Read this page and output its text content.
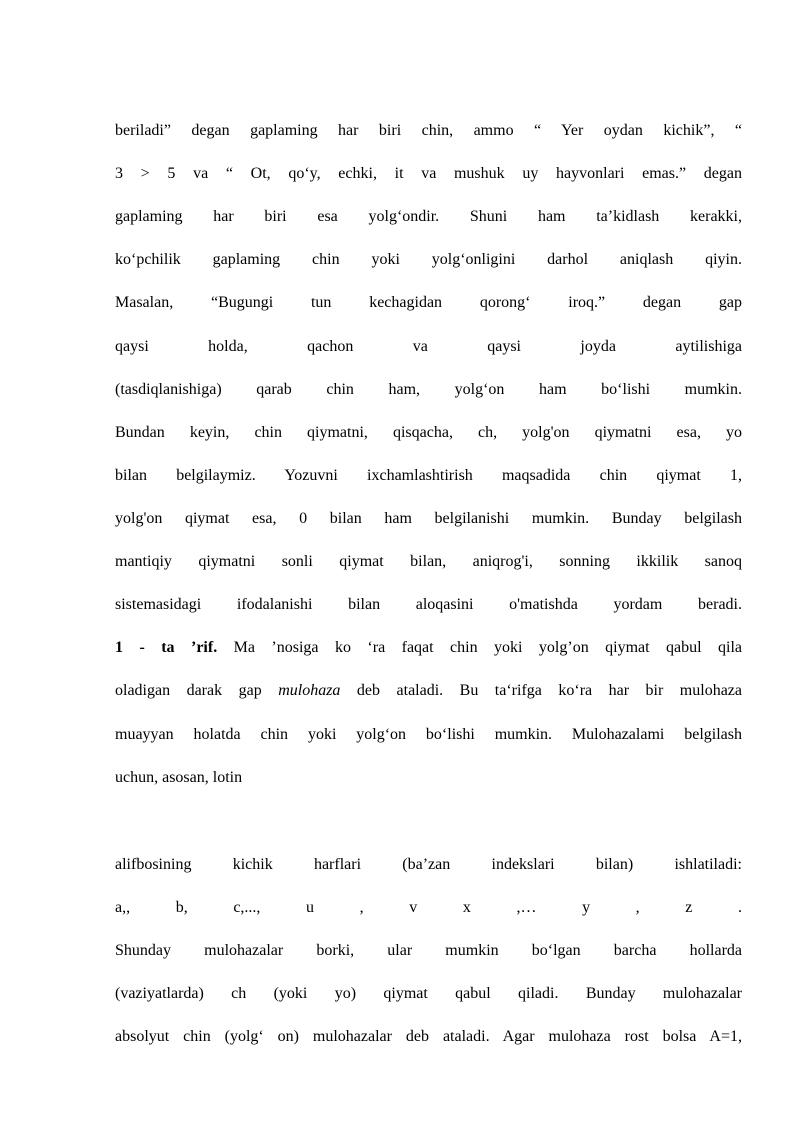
beriladi” degan gaplaming har biri chin, ammo “ Yer oydan kichik”, “
3 > 5 va “ Ot, qo‘y, echki, it va mushuk uy hayvonlari emas.” degan
gaplaming har biri esa yolg‘ondir. Shuni ham ta’kidlash kerakki,
ko‘pchilik gaplaming chin yoki yolg‘onligini darhol aniqlash qiyin.
Masalan, “Bugungi tun kechagidan qorong‘ iroq.” degan gap
qaysi holda, qachon va qaysi joyda aytilishiga
(tasdiqlanishiga) qarab chin ham, yolg‘on ham bo‘lishi mumkin.
Bundan keyin, chin qiymatni, qisqacha, ch, yolg'on qiymatni esa, yo
bilan belgilaymiz. Yozuvni ixchamlashtirish maqsadida chin qiymat 1,
yolg'on qiymat esa, 0 bilan ham belgilanishi mumkin. Bunday belgilash
mantiqiy qiymatni sonli qiymat bilan, aniqrog'i, sonning ikkilik sanoq
sistemasidagi ifodalanishi bilan aloqasini o'matishda yordam beradi.
1 - ta ’rif. Ma ’nosiga ko ‘ra faqat chin yoki yolg’on qiymat qabul qila
oladigan darak gap mulohaza deb ataladi. Bu ta‘rifga ko‘ra har bir mulohaza
muayyan holatda chin yoki yolg‘on bo‘lishi mumkin. Mulohazalami belgilash
uchun, asosan, lotin
alifbosining kichik harflari (ba’zan indekslari bilan) ishlatiladi:
a,, b, c,..., u , v x ,… y , z .
Shunday mulohazalar borki, ular mumkin bo‘lgan barcha hollarda
(vaziyatlarda) ch (yoki yo) qiymat qabul qiladi. Bunday mulohazalar
absolyut chin (yolg‘ on) mulohazalar deb ataladi. Agar mulohaza rost bolsa A=1,
